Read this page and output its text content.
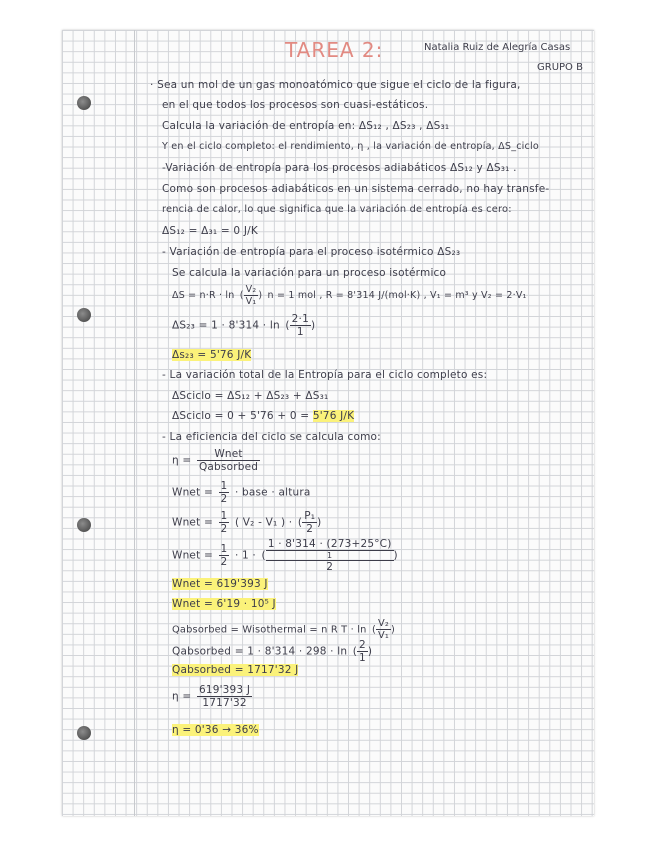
TAREA 2:	Natalia Ruiz de Alegría Casas
GRUPO B
· Sea un mol de un gas monoatómico que sigue el ciclo de la figura,
en el que todos los procesos son cuasi-estáticos.
Calcula la variación de entropía en: ΔS₁₂ , ΔS₂₃ , ΔS₃₁
Y en el ciclo completo: el rendimiento, η , la variación de entropía, ΔS_ciclo
-Variación de entropía para los procesos adiabáticos ΔS₁₂ y ΔS₃₁ .
Como son procesos adiabáticos en un sistema cerrado, no hay transfe-
rencia de calor, lo que significa que la variación de entropía es cero:
ΔS₁₂ = Δ₃₁ = 0 J/K
- Variación de entropía para el proceso isotérmico ΔS₂₃
Se calcula la variación para un proceso isotérmico
ΔS = n·R · ln ( $\frac{\text{V₂}}{\text{V₁}}$ ) n = 1 mol , R = 8'314 J/(mol·K) , V₁ = m³ y V₂ = 2·V₁
ΔS₂₃ = 1 · 8'314 · ln ( $\frac{2\cdot 1}{1}$ )
Δs₂₃ = 5'76 J/K
- La variación total de la Entropía para el ciclo completo es:
ΔSciclo = ΔS₁₂ + ΔS₂₃ + ΔS₃₁
ΔSciclo = 0 + 5'76 + 0 = 5'76 J/K
- La eficiencia del ciclo se calcula como:
$\eta = \frac{\text{Wnet}}{\text{Qabsorbed}}$
Wnet = $\frac{1}{2}$ · base · altura
Wnet = $\frac{1}{2}$ ( V₂ - V₁ ) · ( $\frac{\text{P₁}}{2}$ )
Wnet = $\frac{1}{2} \cdot 1$ · (
1 · 8'314 · (273+25°C)
1
2
)
Wnet = 619'393 J
Wnet = 6'19 · 10⁵ J
Qabsorbed = Wisothermal = n R T · ln ( $\frac{\text{V₂}}{\text{V₁}}$ )
Qabsorbed = 1 · 8'314 · 298 · ln ( $\frac{2}{1}$ )
Qabsorbed = 1717'32 J
$\eta = \frac{619'393 J}{1717'32}$
η = 0'36 → 36%
